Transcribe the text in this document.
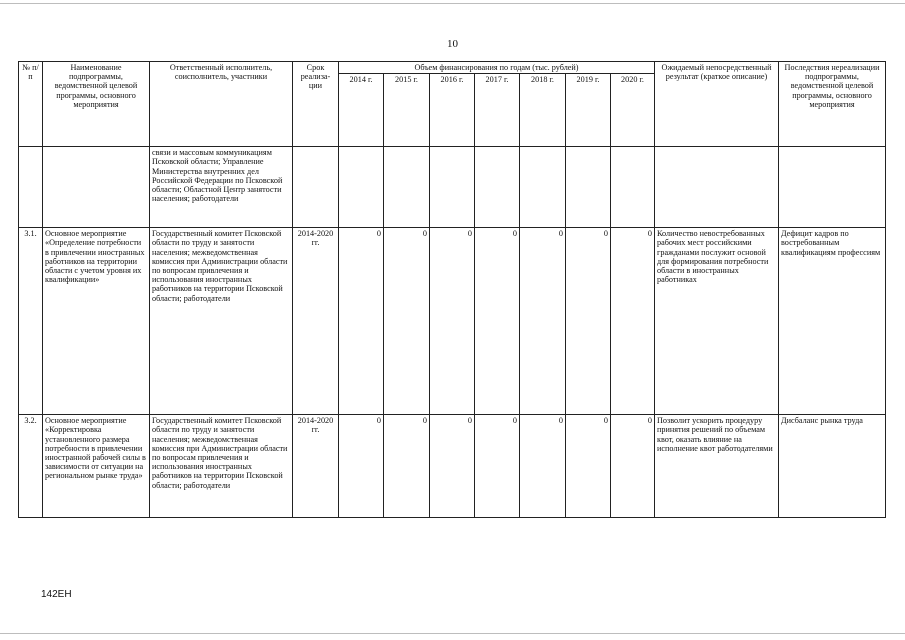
10
№ п/п	Наименование подпрограммы, ведомственной целевой программы, основного мероприятия	Ответственный исполнитель, соисполнитель, участники	Срок реализа-ции	Объем финансирования по годам (тыс. рублей)							Ожидаемый непосредственный результат (краткое описание)	Последствия нереализации подпрограммы, ведомственной целевой программы, основного мероприятия
				2014 г.	2015 г.	2016 г.	2017 г.	2018 г.	2019 г.	2020 г.		
		связи и массовым коммуникациям Псковской области; Управление Министерства внутренних дел Российской Федерации по Псковской области; Областной Центр занятости населения; работодатели										
3.1.	Основное мероприятие «Определение потребности в привлечении иностранных работников на территории области с учетом уровня их квалификации»	Государственный комитет Псковской области по труду и занятости населения; межведомственная комиссия при Администрации области по вопросам привлечения и использования иностранных работников на территории Псковской области; работодатели	2014-2020 гг.	0	0	0	0	0	0	0	Количество невостребованных рабочих мест российскими гражданами послужит основой для формирования потребности области в иностранных работниках	Дефицит кадров по востребованным квалификациям профессиям
3.2.	Основное мероприятие «Корректировка установленного размера потребности в привлечении иностранной рабочей силы в зависимости от ситуации на региональном рынке труда»	Государственный комитет Псковской области по труду и занятости населения; межведомственная комиссия при Администрации области по вопросам привлечения и использования иностранных работников на территории Псковской области; работодатели	2014-2020 гг.	0	0	0	0	0	0	0	Позволит ускорить процедуру принятия решений по объемам квот, оказать влияние на исполнение квот работодателями	Дисбаланс рынка труда
142ЕН
